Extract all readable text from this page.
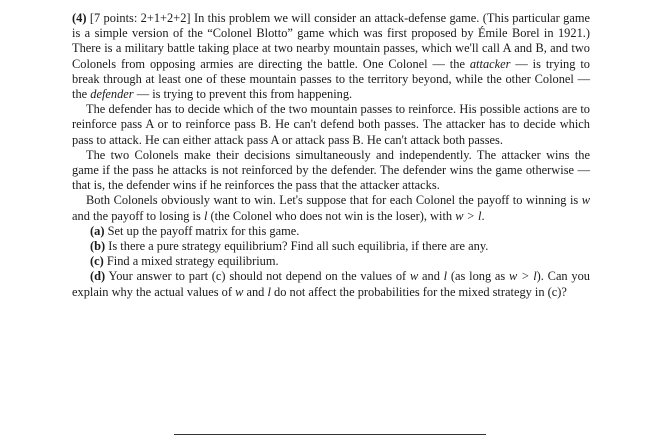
(4) [7 points: 2+1+2+2] In this problem we will consider an attack-defense game. (This particular game is a simple version of the “Colonel Blotto” game which was first proposed by Émile Borel in 1921.) There is a military battle taking place at two nearby mountain passes, which we'll call A and B, and two Colonels from opposing armies are directing the battle. One Colonel — the attacker — is trying to break through at least one of these mountain passes to the territory beyond, while the other Colonel — the defender — is trying to prevent this from happening.

The defender has to decide which of the two mountain passes to reinforce. His possible actions are to reinforce pass A or to reinforce pass B. He can't defend both passes. The attacker has to decide which pass to attack. He can either attack pass A or attack pass B. He can't attack both passes.

The two Colonels make their decisions simultaneously and independently. The attacker wins the game if the pass he attacks is not reinforced by the defender. The defender wins the game otherwise — that is, the defender wins if he reinforces the pass that the attacker attacks.

Both Colonels obviously want to win. Let's suppose that for each Colonel the payoff to winning is w and the payoff to losing is l (the Colonel who does not win is the loser), with w > l.

(a) Set up the payoff matrix for this game.

(b) Is there a pure strategy equilibrium? Find all such equilibria, if there are any.

(c) Find a mixed strategy equilibrium.

(d) Your answer to part (c) should not depend on the values of w and l (as long as w > l). Can you explain why the actual values of w and l do not affect the probabilities for the mixed strategy in (c)?
